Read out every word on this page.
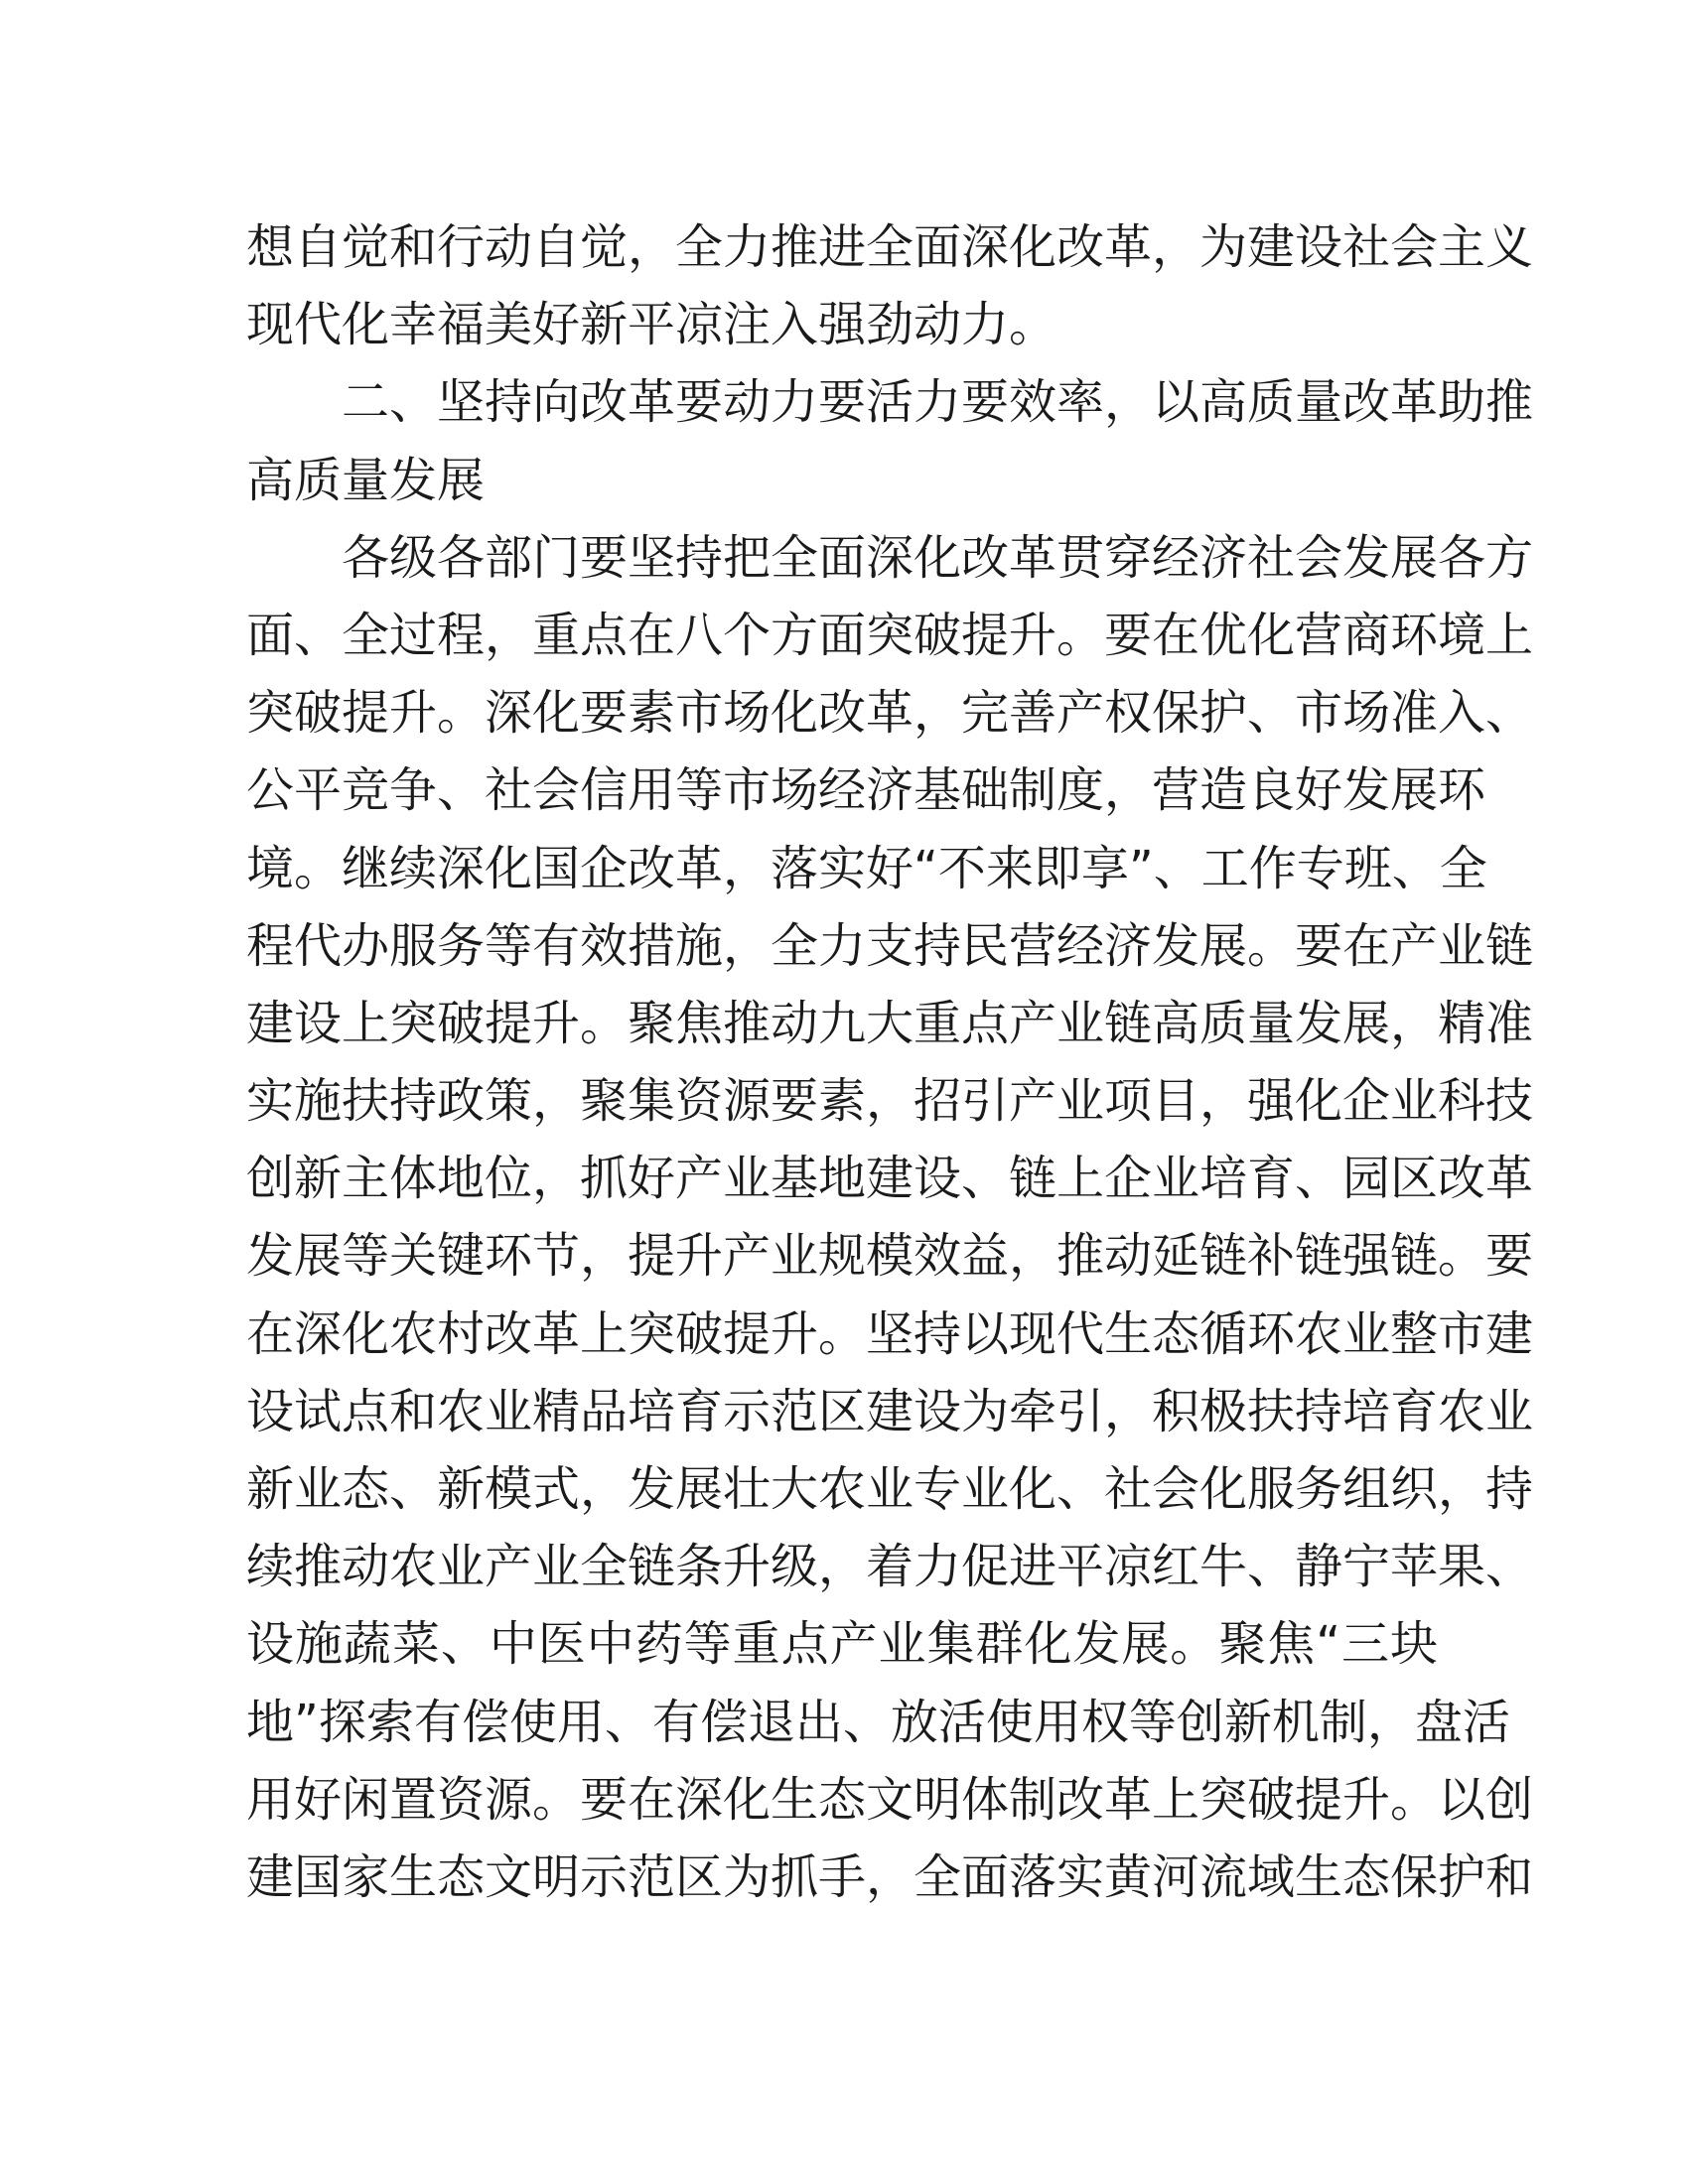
想自觉和行动自觉，全力推进全面深化改革，为建设社会主义
现代化幸福美好新平凉注入强劲动力。
二、坚持向改革要动力要活力要效率，以高质量改革助推
高质量发展
各级各部门要坚持把全面深化改革贯穿经济社会发展各方
面、全过程，重点在八个方面突破提升。要在优化营商环境上
突破提升。深化要素市场化改革，完善产权保护、市场准入、
公平竞争、社会信用等市场经济基础制度，营造良好发展环
境。继续深化国企改革，落实好“不来即享”、工作专班、全
程代办服务等有效措施，全力支持民营经济发展。要在产业链
建设上突破提升。聚焦推动九大重点产业链高质量发展，精准
实施扶持政策，聚集资源要素，招引产业项目，强化企业科技
创新主体地位，抓好产业基地建设、链上企业培育、园区改革
发展等关键环节，提升产业规模效益，推动延链补链强链。要
在深化农村改革上突破提升。坚持以现代生态循环农业整市建
设试点和农业精品培育示范区建设为牵引，积极扶持培育农业
新业态、新模式，发展壮大农业专业化、社会化服务组织，持
续推动农业产业全链条升级，着力促进平凉红牛、静宁苹果、
设施蔬菜、中医中药等重点产业集群化发展。聚焦“三块
地”探索有偿使用、有偿退出、放活使用权等创新机制，盘活
用好闲置资源。要在深化生态文明体制改革上突破提升。以创
建国家生态文明示范区为抓手，全面落实黄河流域生态保护和
